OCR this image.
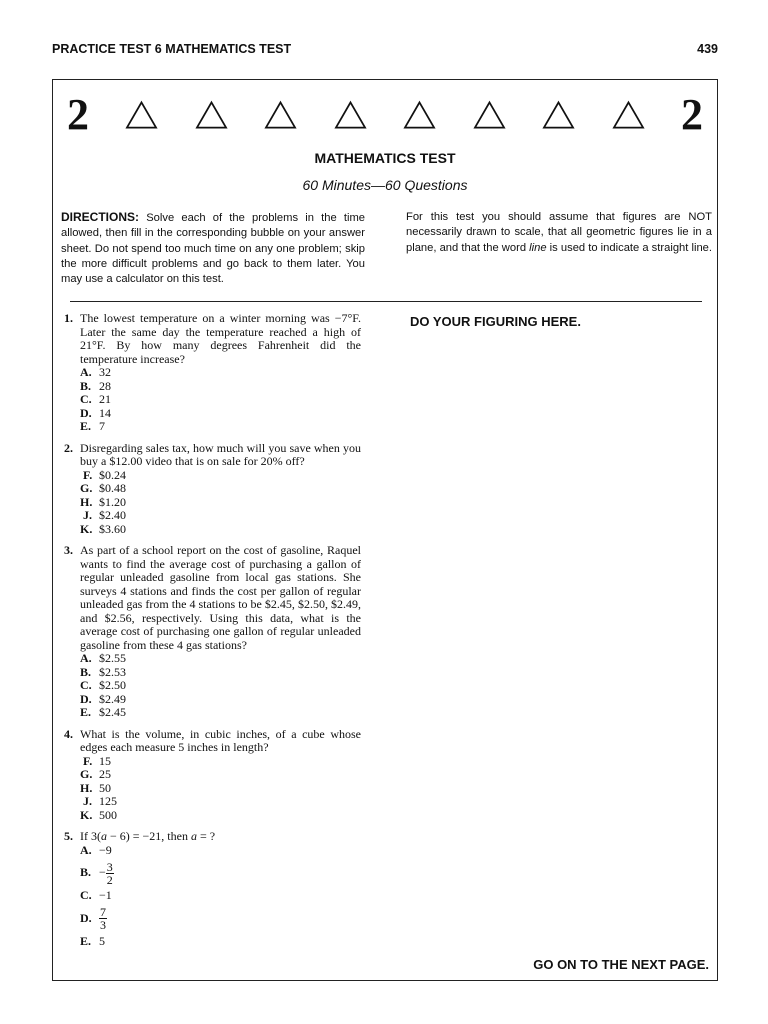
PRACTICE TEST 6 MATHEMATICS TEST	439
2	2
MATHEMATICS TEST
60 Minutes—60 Questions
DIRECTIONS: Solve each of the problems in the time allowed, then fill in the corresponding bubble on your answer sheet. Do not spend too much time on any one problem; skip the more difficult problems and go back to them later. You may use a calculator on this test.
For this test you should assume that figures are NOT necessarily drawn to scale, that all geometric figures lie in a plane, and that the word line is used to indicate a straight line.
DO YOUR FIGURING HERE.
1. The lowest temperature on a winter morning was −7°F. Later the same day the temperature reached a high of 21°F. By how many degrees Fahrenheit did the temperature increase?
A. 32
B. 28
C. 21
D. 14
E. 7
2. Disregarding sales tax, how much will you save when you buy a $12.00 video that is on sale for 20% off?
F. $0.24
G. $0.48
H. $1.20
J. $2.40
K. $3.60
3. As part of a school report on the cost of gasoline, Raquel wants to find the average cost of purchasing a gallon of regular unleaded gasoline from local gas stations. She surveys 4 stations and finds the cost per gallon of regular unleaded gas from the 4 stations to be $2.45, $2.50, $2.49, and $2.56, respectively. Using this data, what is the average cost of purchasing one gallon of regular unleaded gasoline from these 4 gas stations?
A. $2.55
B. $2.53
C. $2.50
D. $2.49
E. $2.45
4. What is the volume, in cubic inches, of a cube whose edges each measure 5 inches in length?
F. 15
G. 25
H. 50
J. 125
K. 500
5. If 3(a − 6) = −21, then a = ?
A. −9
B. − $\frac{3}{2}$
C. −1
D. $\frac{7}{3}$
E. 5
GO ON TO THE NEXT PAGE.
